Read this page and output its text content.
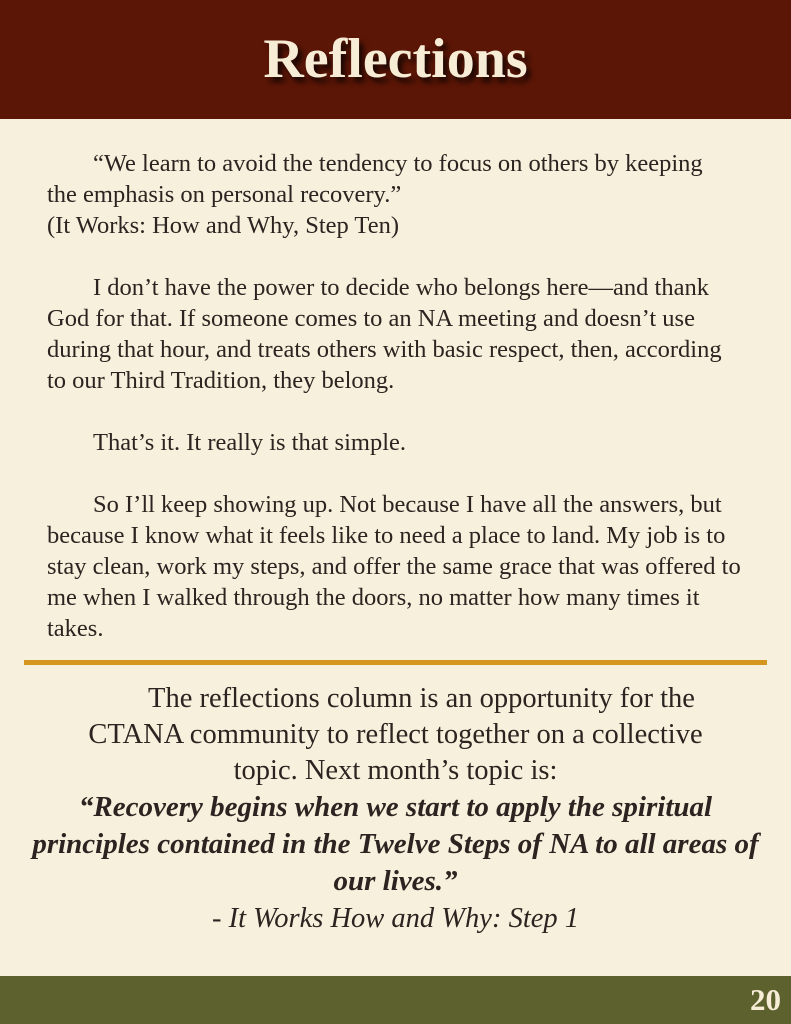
Reflections

“We learn to avoid the tendency to focus on others by keeping
the emphasis on personal recovery.”
(It Works: How and Why, Step Ten)

I don’t have the power to decide who belongs here—and thank
God for that. If someone comes to an NA meeting and doesn’t use
during that hour, and treats others with basic respect, then, according
to our Third Tradition, they belong.

That’s it. It really is that simple.

So I’ll keep showing up. Not because I have all the answers, but
because I know what it feels like to need a place to land. My job is to
stay clean, work my steps, and offer the same grace that was offered to
me when I walked through the doors, no matter how many times it
takes.

The reflections column is an opportunity for the
CTANA community to reflect together on a collective
topic. Next month’s topic is:

“Recovery begins when we start to apply the spiritual
principles contained in the Twelve Steps of NA to all areas of
our lives.”

- It Works How and Why: Step 1

20
